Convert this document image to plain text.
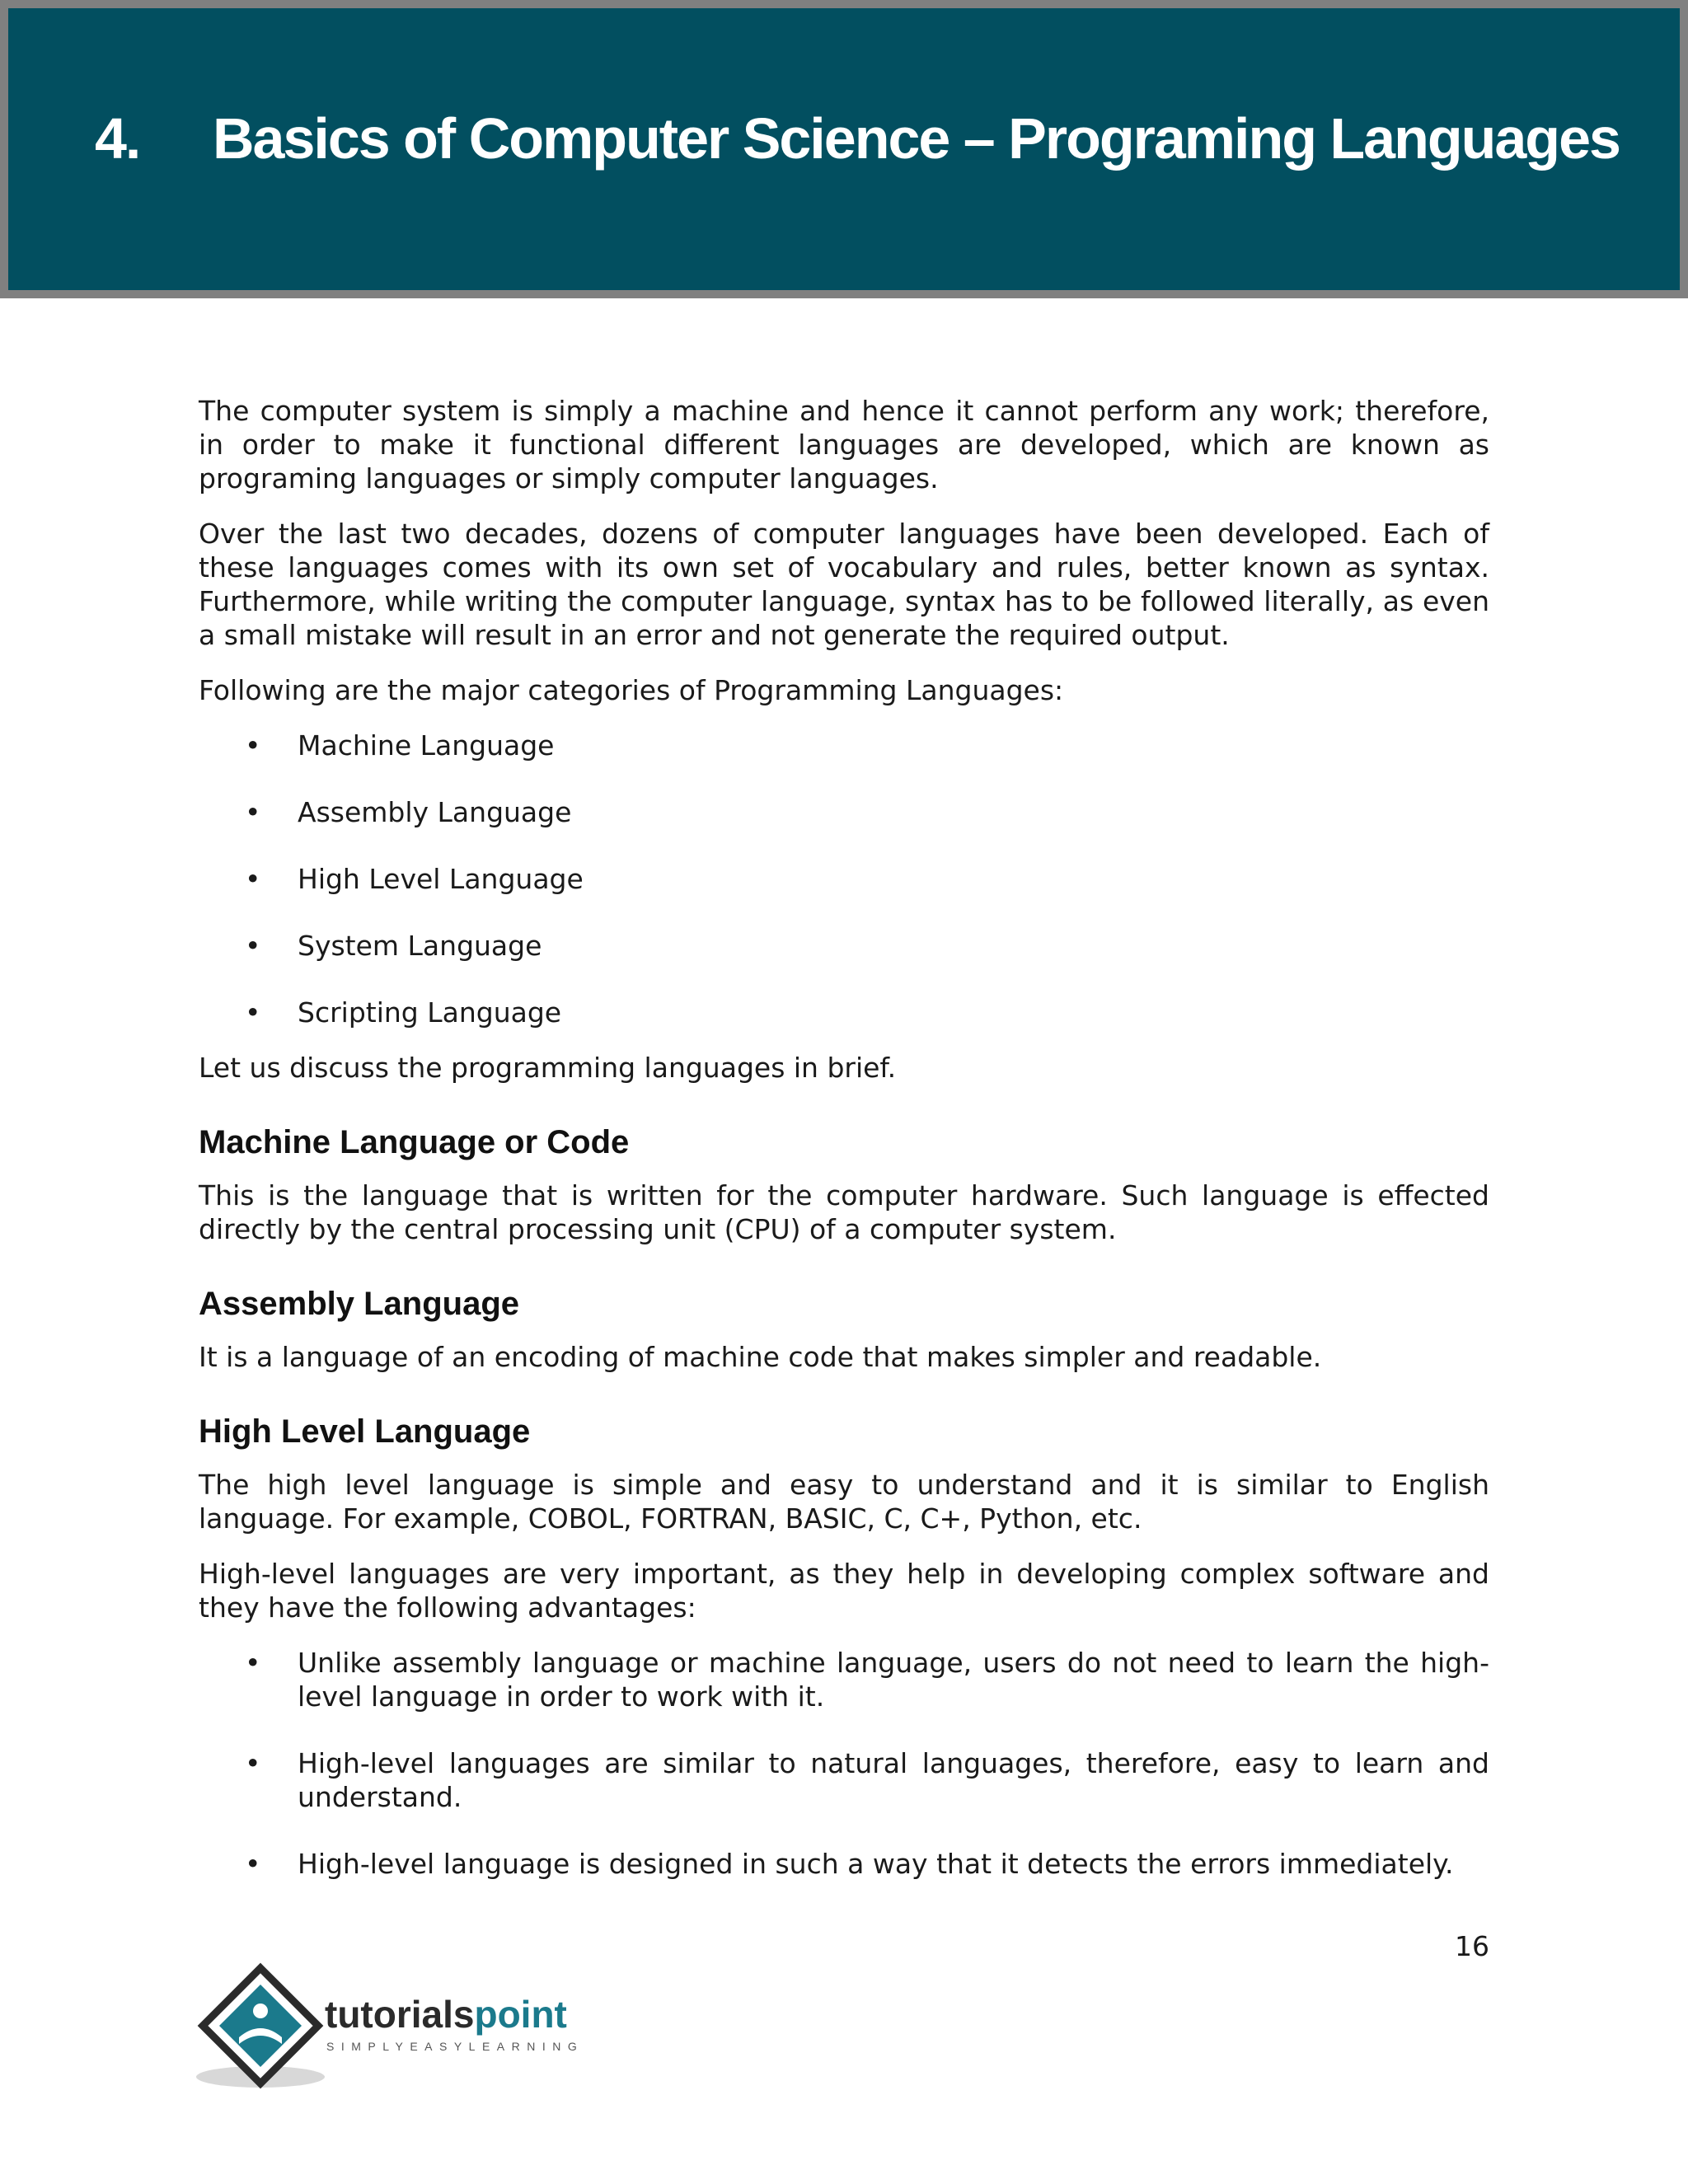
4. Basics of Computer Science – Programing Languages

The computer system is simply a machine and hence it cannot perform any work; therefore, in order to make it functional different languages are developed, which are known as programing languages or simply computer languages.

Over the last two decades, dozens of computer languages have been developed. Each of these languages comes with its own set of vocabulary and rules, better known as syntax. Furthermore, while writing the computer language, syntax has to be followed literally, as even a small mistake will result in an error and not generate the required output.

Following are the major categories of Programming Languages:

• Machine Language
• Assembly Language
• High Level Language
• System Language
• Scripting Language

Let us discuss the programming languages in brief.

Machine Language or Code

This is the language that is written for the computer hardware. Such language is effected directly by the central processing unit (CPU) of a computer system.

Assembly Language

It is a language of an encoding of machine code that makes simpler and readable.

High Level Language

The high level language is simple and easy to understand and it is similar to English language. For example, COBOL, FORTRAN, BASIC, C, C+, Python, etc.

High-level languages are very important, as they help in developing complex software and they have the following advantages:

• Unlike assembly language or machine language, users do not need to learn the high-level language in order to work with it.
• High-level languages are similar to natural languages, therefore, easy to learn and understand.
• High-level language is designed in such a way that it detects the errors immediately.
16
tutorialspoint
SIMPLYEASYLEARNING
